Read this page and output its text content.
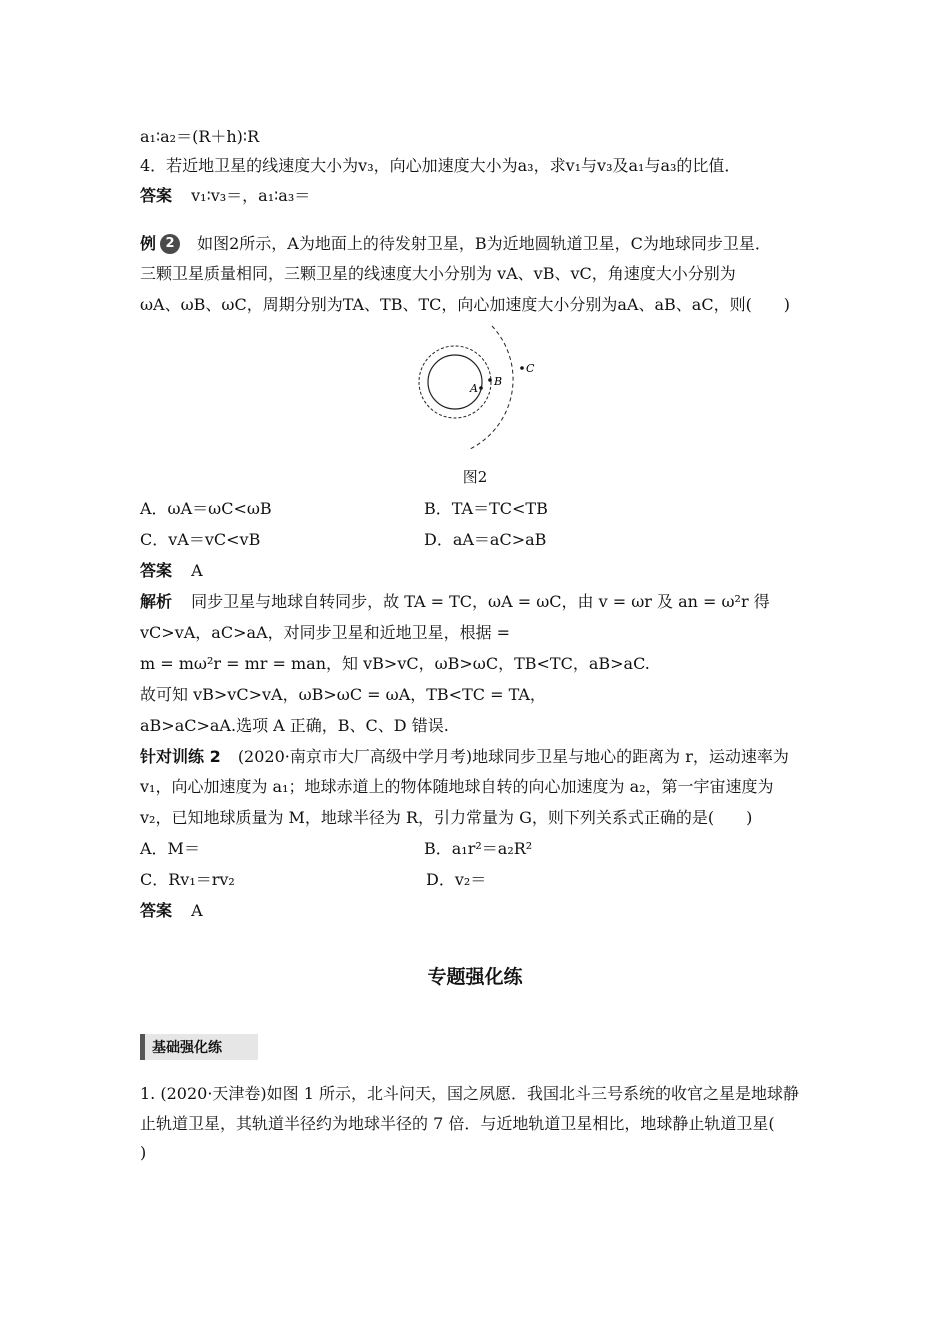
a₁∶a₂＝(R＋h)∶R
4．若近地卫星的线速度大小为v₃，向心加速度大小为a₃，求v₁与v₃及a₁与a₃的比值．
答案 v₁∶v₃＝，a₁∶a₃＝
例 2 如图2所示，A为地面上的待发射卫星，B为近地圆轨道卫星，C为地球同步卫星．
三颗卫星质量相同，三颗卫星的线速度大小分别为 vA、vB、vC，角速度大小分别为
ωA、ωB、ωC，周期分别为TA、TB、TC，向心加速度大小分别为aA、aB、aC，则(　　)
A
B
C
图2
A．ωA＝ωC<ωB	B．TA＝TC<TB
C．vA＝vC<vB	D．aA＝aC>aB
答案 A
解析 同步卫星与地球自转同步，故 TA = TC，ωA = ωC，由 v = ωr 及 an = ω²r 得
vC>vA，aC>aA，对同步卫星和近地卫星，根据 =
m = mω²r = mr = man，知 vB>vC，ωB>ωC，TB<TC，aB>aC.
故可知 vB>vC>vA，ωB>ωC = ωA，TB<TC = TA，
aB>aC>aA.选项 A 正确，B、C、D 错误.
针对训练 2 (2020·南京市大厂高级中学月考)地球同步卫星与地心的距离为 r，运动速率为
v₁，向心加速度为 a₁；地球赤道上的物体随地球自转的向心加速度为 a₂，第一宇宙速度为
v₂，已知地球质量为 M，地球半径为 R，引力常量为 G，则下列关系式正确的是(　　)
A．M＝	B．a₁r²＝a₂R²
C．Rv₁＝rv₂	D．v₂＝
答案 A
专题强化练
基础强化练
1. (2020·天津卷)如图 1 所示，北斗问天，国之夙愿．我国北斗三号系统的收官之星是地球静
止轨道卫星，其轨道半径约为地球半径的 7 倍．与近地轨道卫星相比，地球静止轨道卫星(
)
